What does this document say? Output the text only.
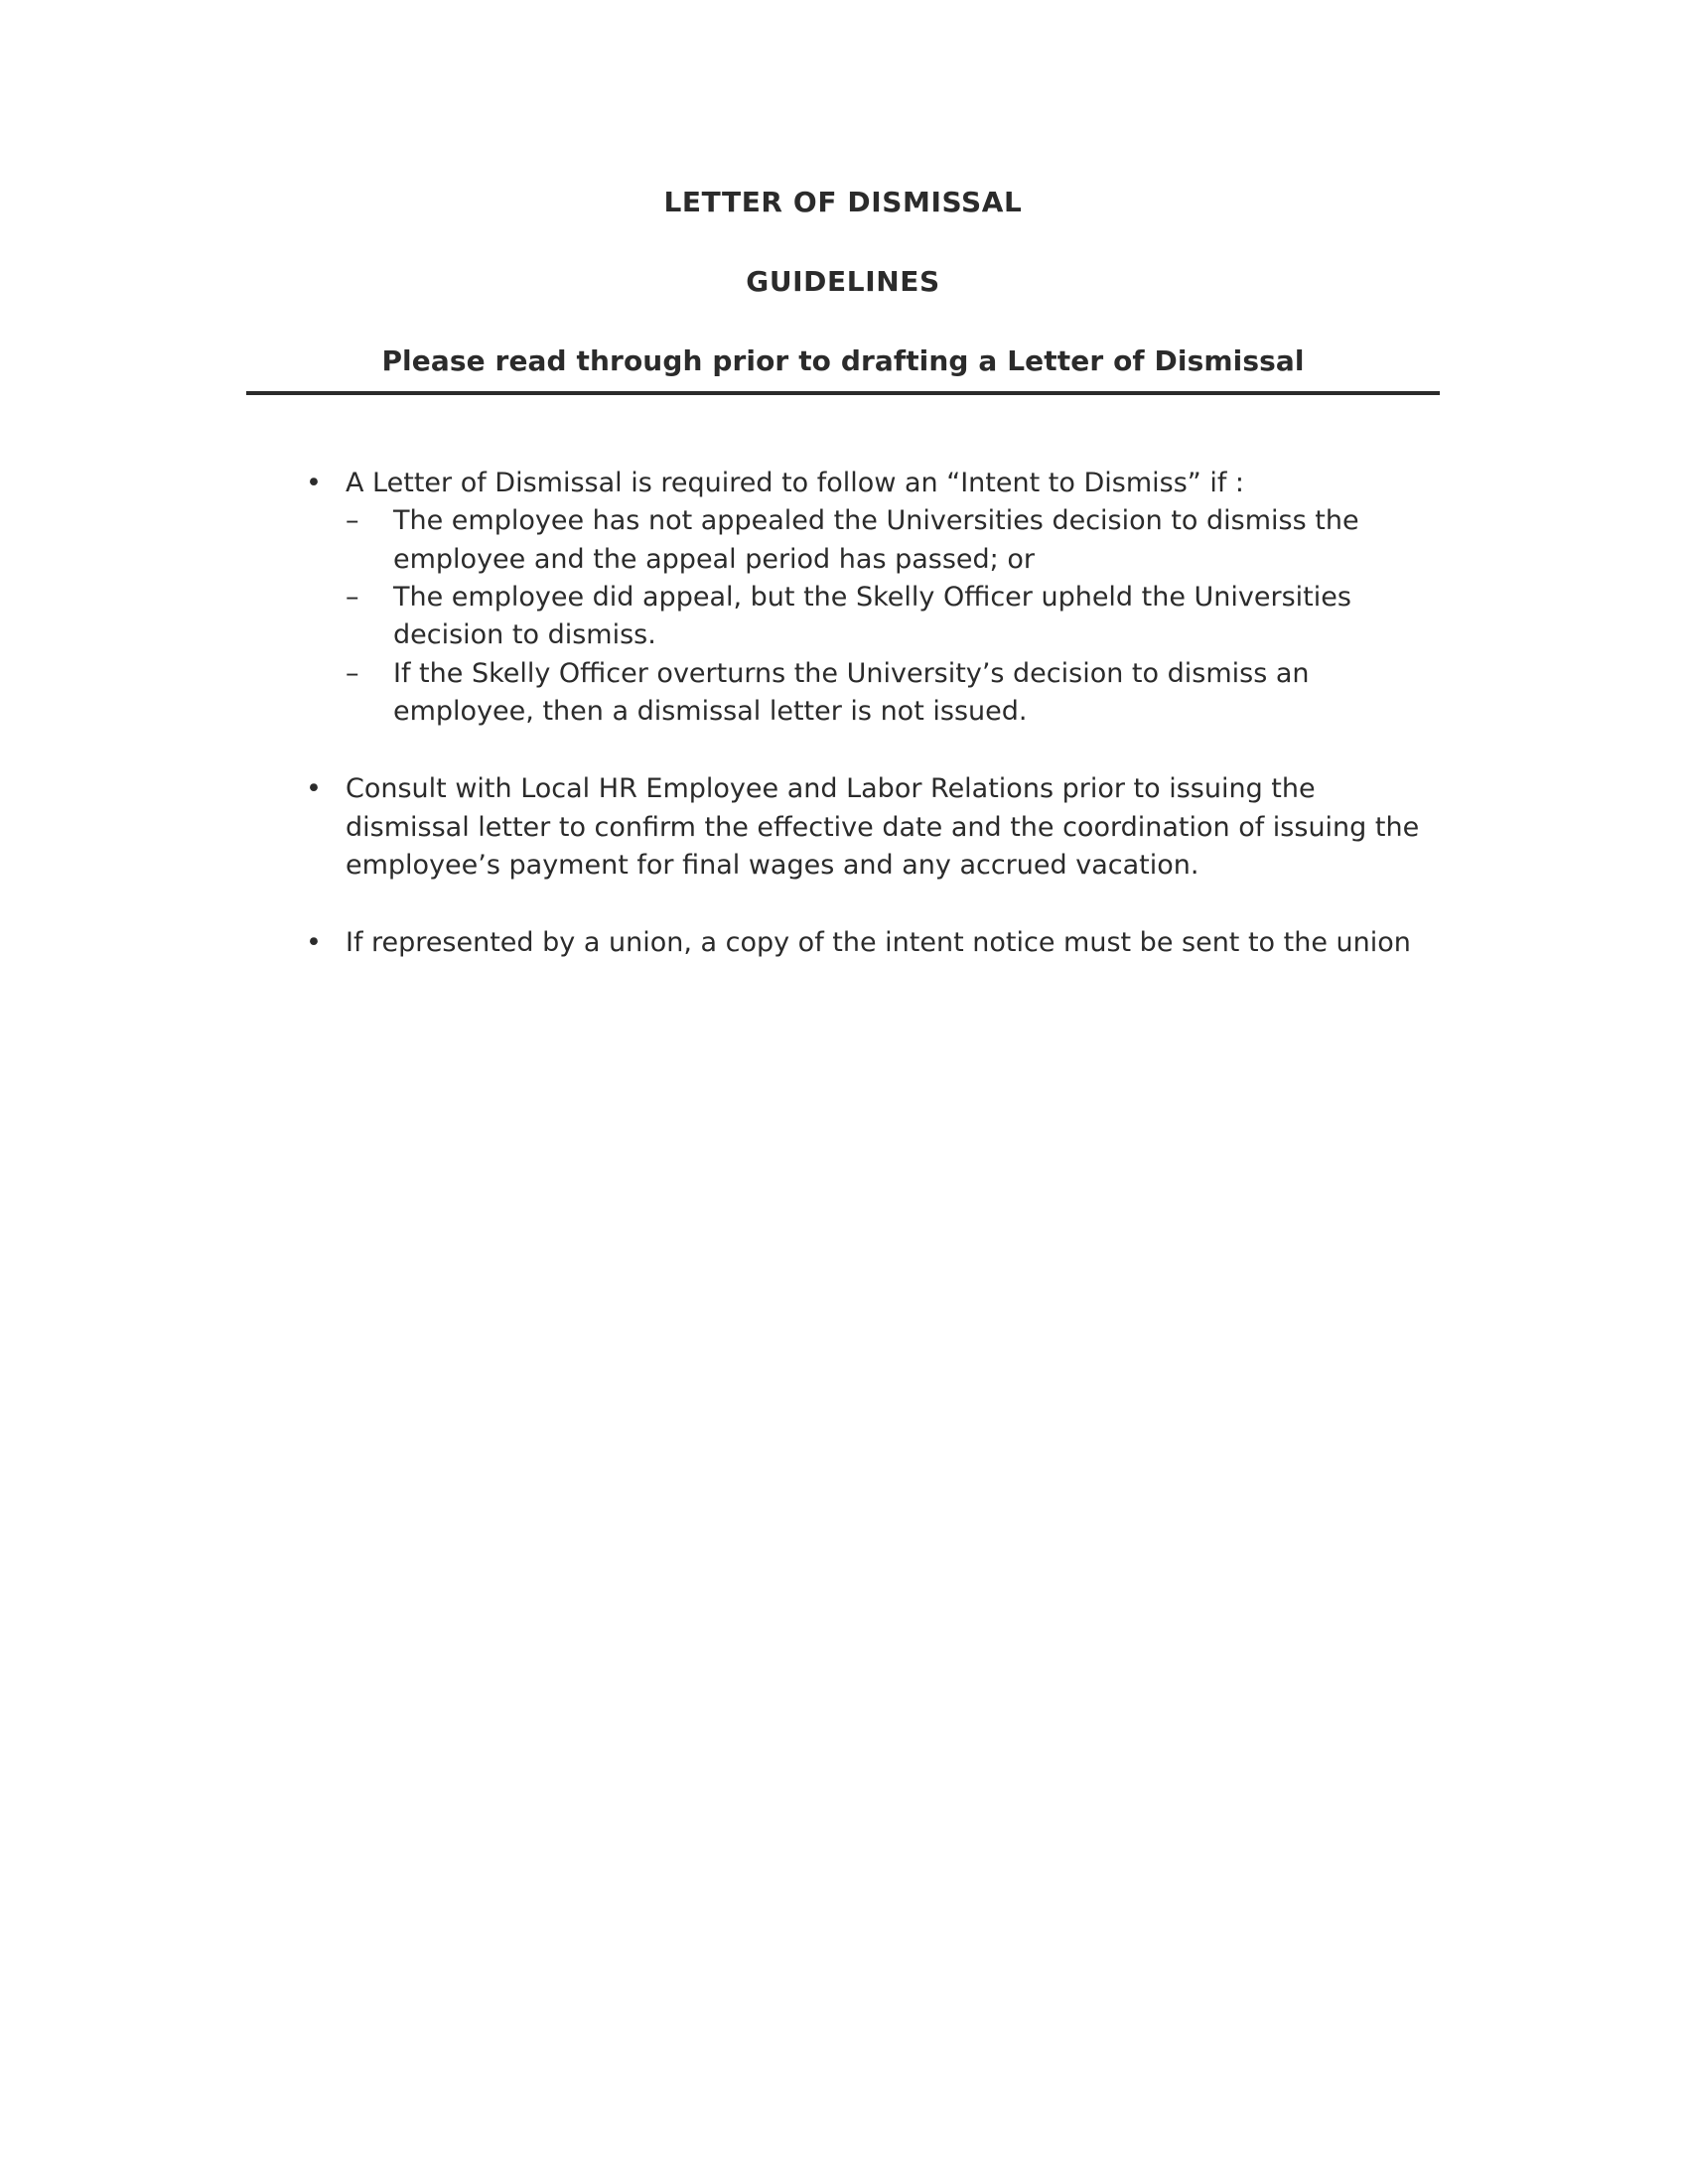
LETTER OF DISMISSAL
GUIDELINES
Please read through prior to drafting a Letter of Dismissal
• A Letter of Dismissal is required to follow an “Intent to Dismiss” if :
– The employee has not appealed the Universities decision to dismiss the employee and the appeal period has passed; or
– The employee did appeal, but the Skelly Officer upheld the Universities decision to dismiss.
– If the Skelly Officer overturns the University’s decision to dismiss an employee, then a dismissal letter is not issued.
• Consult with Local HR Employee and Labor Relations prior to issuing the dismissal letter to confirm the effective date and the coordination of issuing the employee’s payment for final wages and any accrued vacation.
• If represented by a union, a copy of the intent notice must be sent to the union
